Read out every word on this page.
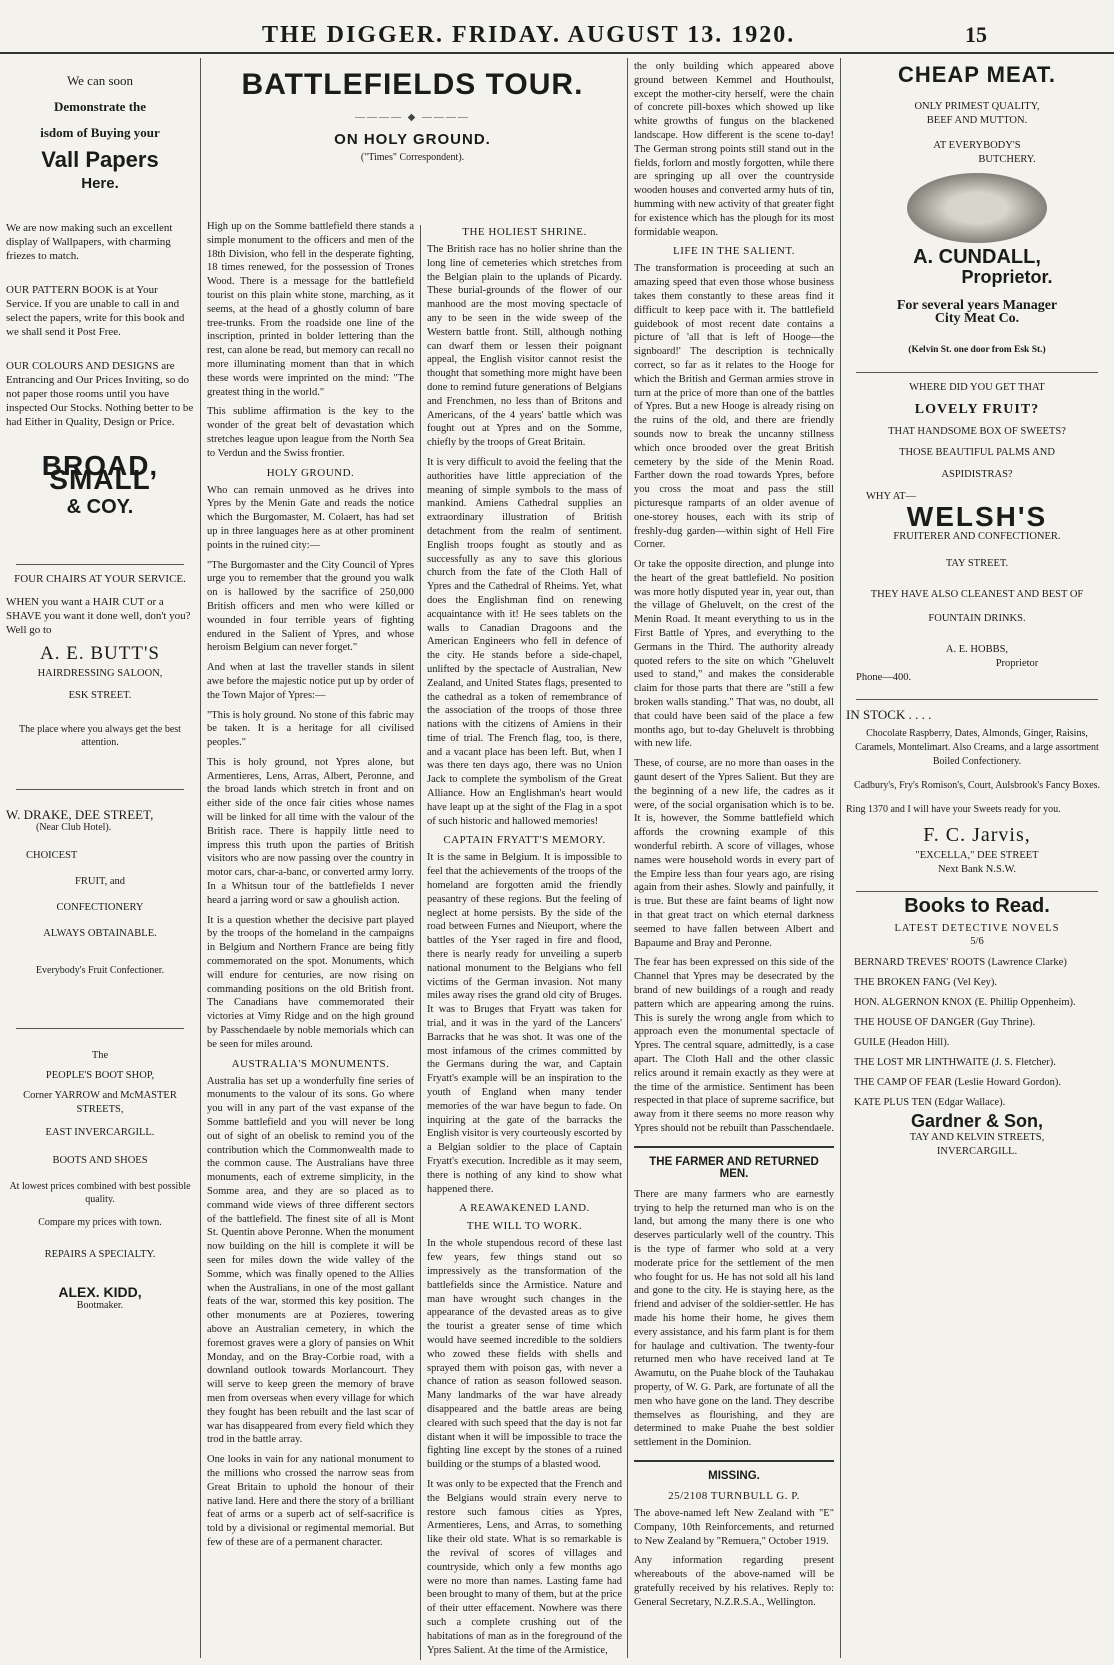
THE DIGGER. FRIDAY. AUGUST 13. 1920.	15

We can soon

Demonstrate the

isdom of Buying your

Vall Papers

Here.

We are now making such an excellent display of Wallpapers, with charming friezes to match.

OUR PATTERN BOOK is at Your Service. If you are unable to call in and select the papers, write for this book and we shall send it Post Free.

OUR COLOURS AND DESIGNS are Entrancing and Our Prices Inviting, so do not paper those rooms until you have inspected Our Stocks. Nothing better to be had Either in Quality, Design or Price.

BROAD, SMALL

& COY.

FOUR CHAIRS AT YOUR SERVICE.

WHEN you want a HAIR CUT or a SHAVE you want it done well, don't you? Well go to

A. E. BUTT'S

HAIRDRESSING SALOON,

ESK STREET.

The place where you always get the best attention.

W. DRAKE, DEE STREET,

(Near Club Hotel).

CHOICEST

FRUIT, and

CONFECTIONERY

ALWAYS OBTAINABLE.

Everybody's Fruit Confectioner.

The

PEOPLE'S BOOT SHOP,

Corner YARROW and McMASTER STREETS,

EAST INVERCARGILL.

BOOTS AND SHOES

At lowest prices combined with best possible quality.

Compare my prices with town.

REPAIRS A SPECIALTY.

ALEX. KIDD,

Bootmaker.

BATTLEFIELDS TOUR.
———— ◆ ————
ON HOLY GROUND.
("Times" Correspondent).

High up on the Somme battlefield there stands a simple monument to the officers and men of the 18th Division, who fell in the desperate fighting, 18 times renewed, for the possession of Trones Wood. There is a message for the battlefield tourist on this plain white stone, marching, as it seems, at the head of a ghostly column of bare tree-trunks. From the roadside one line of the inscription, printed in bolder lettering than the rest, can alone be read, but memory can recall no more illuminating moment than that in which these words were imprinted on the mind: "The greatest thing in the world."

This sublime affirmation is the key to the wonder of the great belt of devastation which stretches league upon league from the North Sea to Verdun and the Swiss frontier.

HOLY GROUND.

Who can remain unmoved as he drives into Ypres by the Menin Gate and reads the notice which the Burgomaster, M. Colaert, has had set up in three languages here as at other prominent points in the ruined city:—

"The Burgomaster and the City Council of Ypres urge you to remember that the ground you walk on is hallowed by the sacrifice of 250,000 British officers and men who were killed or wounded in four terrible years of fighting endured in the Salient of Ypres, and whose heroism Belgium can never forget."

And when at last the traveller stands in silent awe before the majestic notice put up by order of the Town Major of Ypres:—

"This is holy ground. No stone of this fabric may be taken. It is a heritage for all civilised peoples."

This is holy ground, not Ypres alone, but Armentieres, Lens, Arras, Albert, Peronne, and the broad lands which stretch in front and on either side of the once fair cities whose names will be linked for all time with the valour of the British race. There is happily little need to impress this truth upon the parties of British visitors who are now passing over the country in motor cars, char-a-banc, or converted army lorry. In a Whitsun tour of the battlefields I never heard a jarring word or saw a ghoulish action.

It is a question whether the decisive part played by the troops of the homeland in the campaigns in Belgium and Northern France are being fitly commemorated on the spot. Monuments, which will endure for centuries, are now rising on commanding positions on the old British front. The Canadians have commemorated their victories at Vimy Ridge and on the high ground by Passchendaele by noble memorials which can be seen for miles around.

AUSTRALIA'S MONUMENTS.

Australia has set up a wonderfully fine series of monuments to the valour of its sons. Go where you will in any part of the vast expanse of the Somme battlefield and you will never be long out of sight of an obelisk to remind you of the contribution which the Commonwealth made to the common cause. The Australians have three monuments, each of extreme simplicity, in the Somme area, and they are so placed as to command wide views of three different sectors of the battlefield. The finest site of all is Mont St. Quentin above Peronne. When the monument now building on the hill is complete it will be seen for miles down the wide valley of the Somme, which was finally opened to the Allies when the Australians, in one of the most gallant feats of the war, stormed this key position. The other monuments are at Pozieres, towering above an Australian cemetery, in which the foremost graves were a glory of pansies on Whit Monday, and on the Bray-Corbie road, with a downland outlook towards Morlancourt. They will serve to keep green the memory of brave men from overseas when every village for which they fought has been rebuilt and the last scar of war has disappeared from every field which they trod in the battle array.

One looks in vain for any national monument to the millions who crossed the narrow seas from Great Britain to uphold the honour of their native land. Here and there the story of a brilliant feat of arms or a superb act of self-sacrifice is told by a divisional or regimental memorial. But few of these are of a permanent character.

THE HOLIEST SHRINE.

The British race has no holier shrine than the long line of cemeteries which stretches from the Belgian plain to the uplands of Picardy. These burial-grounds of the flower of our manhood are the most moving spectacle of any to be seen in the wide sweep of the Western battle front. Still, although nothing can dwarf them or lessen their poignant appeal, the English visitor cannot resist the thought that something more might have been done to remind future generations of Belgians and Frenchmen, no less than of Britons and Americans, of the 4 years' battle which was fought out at Ypres and on the Somme, chiefly by the troops of Great Britain.

It is very difficult to avoid the feeling that the authorities have little appreciation of the meaning of simple symbols to the mass of mankind. Amiens Cathedral supplies an extraordinary illustration of British detachment from the realm of sentiment. English troops fought as stoutly and as successfully as any to save this glorious church from the fate of the Cloth Hall of Ypres and the Cathedral of Rheims. Yet, what does the Englishman find on renewing acquaintance with it! He sees tablets on the walls to Canadian Dragoons and the American Engineers who fell in defence of the city. He stands before a side-chapel, unlifted by the spectacle of Australian, New Zealand, and United States flags, presented to the cathedral as a token of remembrance of the association of the troops of those three nations with the citizens of Amiens in their time of trial. The French flag, too, is there, and a vacant place has been left. But, when I was there ten days ago, there was no Union Jack to complete the symbolism of the Great Alliance. How an Englishman's heart would have leapt up at the sight of the Flag in a spot of such historic and hallowed memories!

CAPTAIN FRYATT'S MEMORY.

It is the same in Belgium. It is impossible to feel that the achievements of the troops of the homeland are forgotten amid the friendly peasantry of these regions. But the feeling of neglect at home persists. By the side of the road between Furnes and Nieuport, where the battles of the Yser raged in fire and flood, there is nearly ready for unveiling a superb national monument to the Belgians who fell victims of the German invasion. Not many miles away rises the grand old city of Bruges. It was to Bruges that Fryatt was taken for trial, and it was in the yard of the Lancers' Barracks that he was shot. It was one of the most infamous of the crimes committed by the Germans during the war, and Captain Fryatt's example will be an inspiration to the youth of England when many tender memories of the war have begun to fade. On inquiring at the gate of the barracks the English visitor is very courteously escorted by a Belgian soldier to the place of Captain Fryatt's execution. Incredible as it may seem, there is nothing of any kind to show what happened there.

A REAWAKENED LAND.
THE WILL TO WORK.

In the whole stupendous record of these last few years, few things stand out so impressively as the transformation of the battlefields since the Armistice. Nature and man have wrought such changes in the appearance of the devasted areas as to give the tourist a greater sense of time which would have seemed incredible to the soldiers who zowed these fields with shells and sprayed them with poison gas, with never a chance of ration as season followed season. Many landmarks of the war have already disappeared and the battle areas are being cleared with such speed that the day is not far distant when it will be impossible to trace the fighting line except by the stones of a ruined building or the stumps of a blasted wood.

It was only to be expected that the French and the Belgians would strain every nerve to restore such famous cities as Ypres, Armentieres, Lens, and Arras, to something like their old state. What is so remarkable is the revival of scores of villages and countryside, which only a few months ago were no more than names. Lasting fame had been brought to many of them, but at the price of their utter effacement. Nowhere was there such a complete crushing out of the habitations of man as in the foreground of the Ypres Salient. At the time of the Armistice,

the only building which appeared above ground between Kemmel and Houthoulst, except the mother-city herself, were the chain of concrete pill-boxes which showed up like white growths of fungus on the blackened landscape. How different is the scene to-day! The German strong points still stand out in the fields, forlorn and mostly forgotten, while there are springing up all over the countryside wooden houses and converted army huts of tin, humming with new activity of that greater fight for existence which has the plough for its most formidable weapon.

LIFE IN THE SALIENT.

The transformation is proceeding at such an amazing speed that even those whose business takes them constantly to these areas find it difficult to keep pace with it. The battlefield guidebook of most recent date contains a picture of 'all that is left of Hooge—the signboard!' The description is technically correct, so far as it relates to the Hooge for which the British and German armies strove in turn at the price of more than one of the battles of Ypres. But a new Hooge is already rising on the ruins of the old, and there are friendly sounds now to break the uncanny stillness which once brooded over the great British cemetery by the side of the Menin Road. Farther down the road towards Ypres, before you cross the moat and pass the still picturesque ramparts of an older avenue of one-storey houses, each with its strip of freshly-dug garden—within sight of Hell Fire Corner.

Or take the opposite direction, and plunge into the heart of the great battlefield. No position was more hotly disputed year in, year out, than the village of Gheluvelt, on the crest of the Menin Road. It meant everything to us in the First Battle of Ypres, and everything to the Germans in the Third. The authority already quoted refers to the site on which "Gheluvelt used to stand," and makes the considerable claim for those parts that there are "still a few broken walls standing." That was, no doubt, all that could have been said of the place a few months ago, but to-day Gheluvelt is throbbing with new life.

These, of course, are no more than oases in the gaunt desert of the Ypres Salient. But they are the beginning of a new life, the cadres as it were, of the social organisation which is to be. It is, however, the Somme battlefield which affords the crowning example of this wonderful rebirth. A score of villages, whose names were household words in every part of the Empire less than four years ago, are rising again from their ashes. Slowly and painfully, it is true. But these are faint beams of light now in that great tract on which eternal darkness seemed to have fallen between Albert and Bapaume and Bray and Peronne.

The fear has been expressed on this side of the Channel that Ypres may be desecrated by the brand of new buildings of a rough and ready pattern which are appearing among the ruins. This is surely the wrong angle from which to approach even the monumental spectacle of Ypres. The central square, admittedly, is a case apart. The Cloth Hall and the other classic relics around it remain exactly as they were at the time of the armistice. Sentiment has been respected in that place of supreme sacrifice, but away from it there seems no more reason why Ypres should not be rebuilt than Passchendaele.

THE FARMER AND RETURNED MEN.

There are many farmers who are earnestly trying to help the returned man who is on the land, but among the many there is one who deserves particularly well of the country. This is the type of farmer who sold at a very moderate price for the settlement of the men who fought for us. He has not sold all his land and gone to the city. He is staying here, as the friend and adviser of the soldier-settler. He has made his home their home, he gives them every assistance, and his farm plant is for them for haulage and cultivation. The twenty-four returned men who have received land at Te Awamutu, on the Puahe block of the Tauhakau property, of W. G. Park, are fortunate of all the men who have gone on the land. They describe themselves as flourishing, and they are determined to make Puahe the best soldier settlement in the Dominion.

MISSING.
25/2108 TURNBULL G. P.

The above-named left New Zealand with "E" Company, 10th Reinforcements, and returned to New Zealand by "Remuera," October 1919.

Any information regarding present whereabouts of the above-named will be gratefully received by his relatives. Reply to: General Secretary, N.Z.R.S.A., Wellington.

CHEAP MEAT.

ONLY PRIMEST QUALITY,

BEEF AND MUTTON.

AT EVERYBODY'S

BUTCHERY.

A. CUNDALL,

Proprietor.

For several years Manager

City Meat Co.

(Kelvin St. one door from Esk St.)

WHERE DID YOU GET THAT

LOVELY FRUIT?

THAT HANDSOME BOX OF SWEETS?

THOSE BEAUTIFUL PALMS AND

ASPIDISTRAS?

WHY AT—

WELSH'S

FRUITERER AND CONFECTIONER.

TAY STREET.

THEY HAVE ALSO CLEANEST AND BEST OF FOUNTAIN DRINKS.

A. E. HOBBS,

Proprietor

Phone—400.

IN STOCK . . . .

Chocolate Raspberry, Dates, Almonds, Ginger, Raisins, Caramels, Montelimart. Also Creams, and a large assortment Boiled Confectionery.

Cadbury's, Fry's Romison's, Court, Aulsbrook's Fancy Boxes.

Ring 1370 and I will have your Sweets ready for you.

F. C. Jarvis,

"EXCELLA," DEE STREET

Next Bank N.S.W.

Books to Read.

LATEST DETECTIVE NOVELS

5/6

BERNARD TREVES' ROOTS (Lawrence Clarke)

THE BROKEN FANG (Vel Key).

HON. ALGERNON KNOX (E. Phillip Oppenheim).

THE HOUSE OF DANGER (Guy Thrine).

GUILE (Headon Hill).

THE LOST MR LINTHWAITE (J. S. Fletcher).

THE CAMP OF FEAR (Leslie Howard Gordon).

KATE PLUS TEN (Edgar Wallace).

Gardner & Son,

TAY AND KELVIN STREETS,

INVERCARGILL.
